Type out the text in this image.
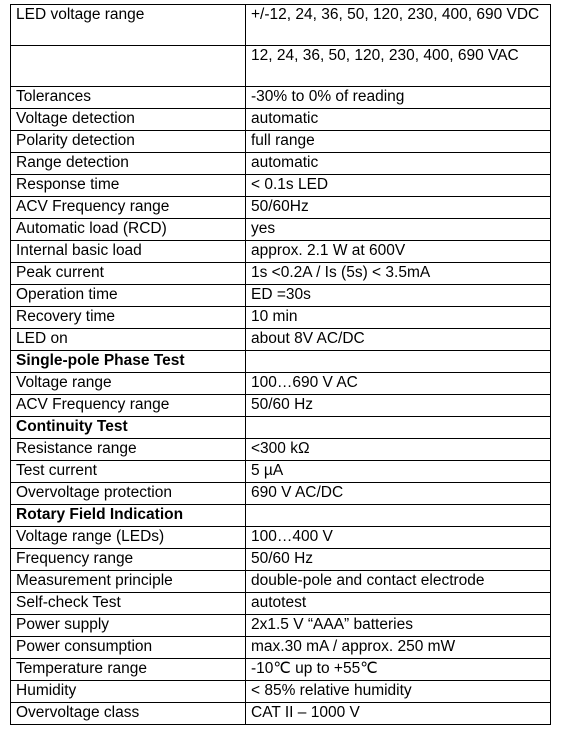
LED voltage range	+/-12, 24, 36, 50, 120, 230, 400, 690 VDC
	12, 24, 36, 50, 120, 230, 400, 690 VAC
Tolerances	-30% to 0% of reading
Voltage detection	automatic
Polarity detection	full range
Range detection	automatic
Response time	< 0.1s LED
ACV Frequency range	50/60Hz
Automatic load (RCD)	yes
Internal basic load	approx. 2.1 W at 600V
Peak current	1s <0.2A / Is (5s) < 3.5mA
Operation time	ED =30s
Recovery time	10 min
LED on	about 8V AC/DC
Single-pole Phase Test	
Voltage range	100…690 V AC
ACV Frequency range	50/60 Hz
Continuity Test	
Resistance range	<300 kΩ
Test current	5 µA
Overvoltage protection	690 V AC/DC
Rotary Field Indication	
Voltage range (LEDs)	100…400 V
Frequency range	50/60 Hz
Measurement principle	double-pole and contact electrode
Self-check Test	autotest
Power supply	2x1.5 V “AAA” batteries
Power consumption	max.30 mA / approx. 250 mW
Temperature range	-10℃ up to +55℃
Humidity	< 85% relative humidity
Overvoltage class	CAT II – 1000 V
